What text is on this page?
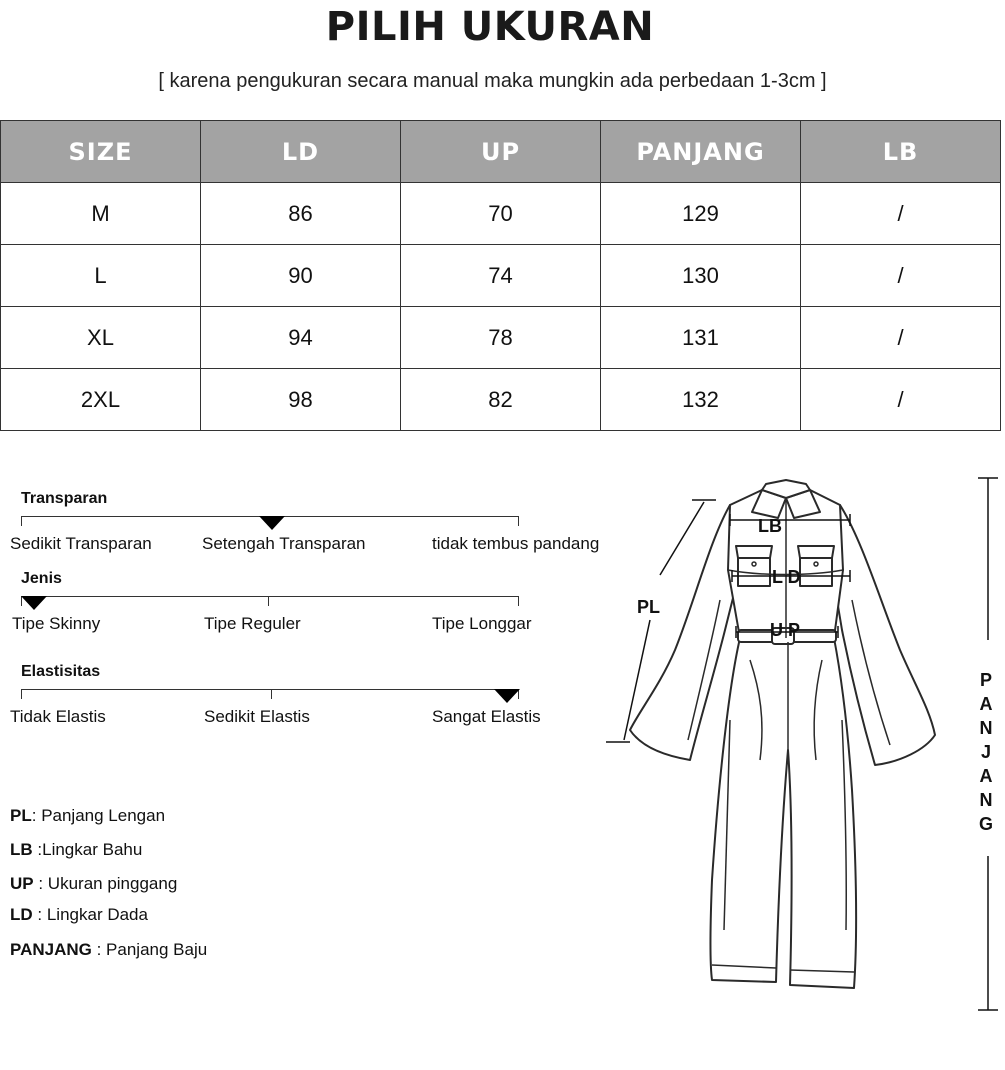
PILIH UKURAN
[ karena pengukuran secara manual maka mungkin ada perbedaan 1-3cm ]
SIZE	LD	UP	PANJANG	LB
M	86	70	129	/
L	90	74	130	/
XL	94	78	131	/
2XL	98	82	132	/
Transparan
Sedikit Transparan	Setengah Transparan	tidak tembus pandang
Jenis
Tipe Skinny	Tipe Reguler	Tipe Longgar
Elastisitas
Tidak Elastis	Sedikit Elastis	Sangat Elastis
PL: Panjang Lengan
LB :Lingkar Bahu
UP : Ukuran pinggang
LD : Lingkar Dada
PANJANG : Panjang Baju
LB
L D
U P
PL
P
A
N
J
A
N
G
